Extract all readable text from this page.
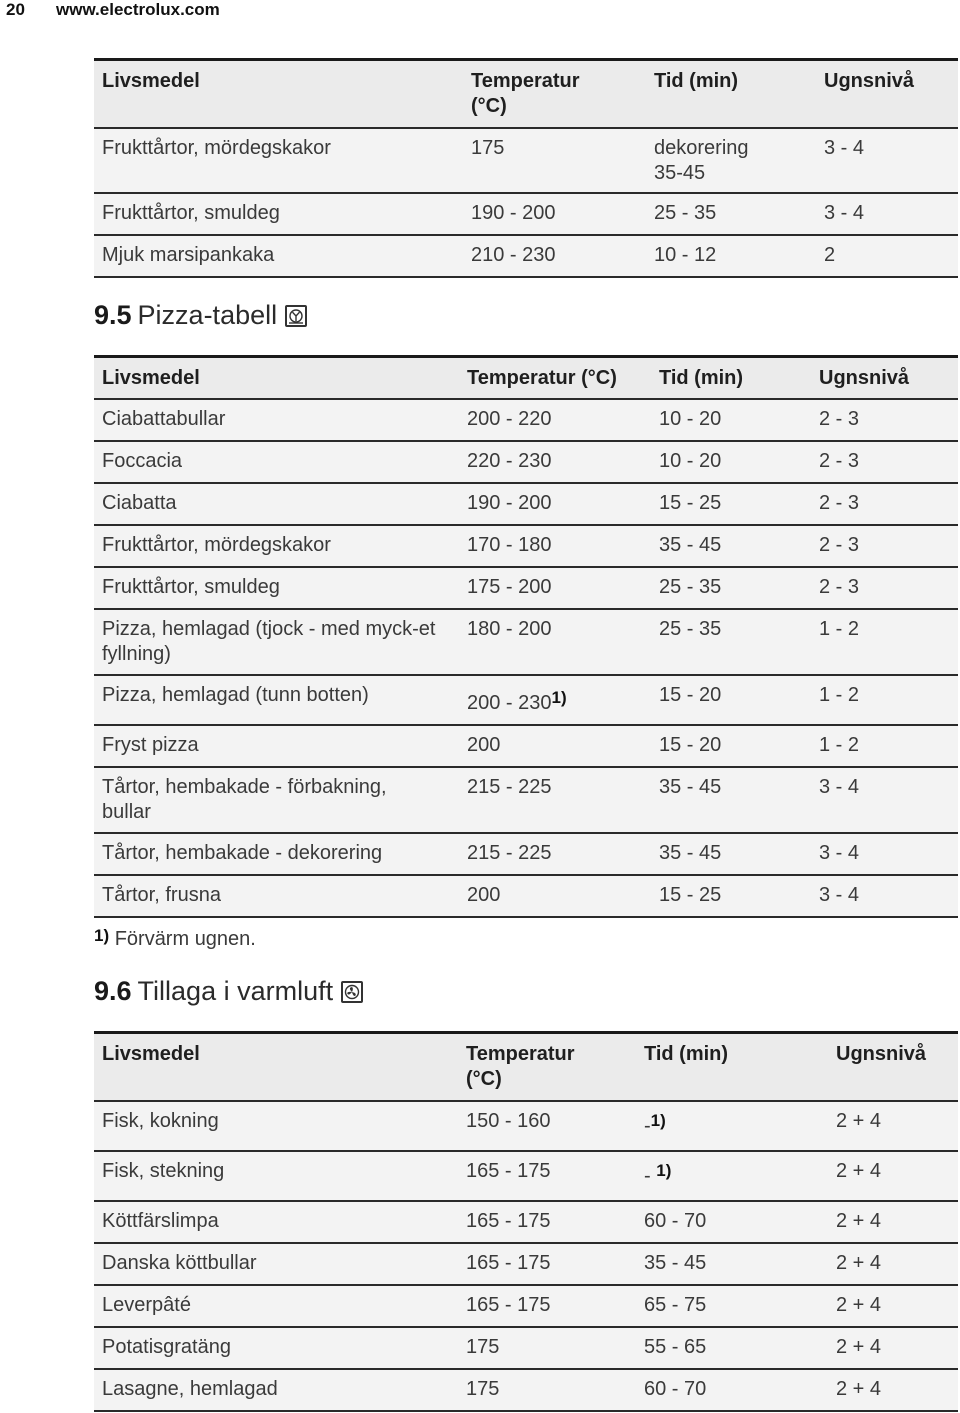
20 www.electrolux.com
Livsmedel	Temperatur (°C)	Tid (min)	Ugnsnivå
Frukttårtor, mördegskakor	175	dekorering 35-45	3 - 4
Frukttårtor, smuldeg	190 - 200	25 - 35	3 - 4
Mjuk marsipankaka	210 - 230	10 - 12	2
9.5 Pizza-tabell
Livsmedel	Temperatur (°C)	Tid (min)	Ugnsnivå
Ciabattabullar	200 - 220	10 - 20	2 - 3
Foccacia	220 - 230	10 - 20	2 - 3
Ciabatta	190 - 200	15 - 25	2 - 3
Frukttårtor, mördegskakor	170 - 180	35 - 45	2 - 3
Frukttårtor, smuldeg	175 - 200	25 - 35	2 - 3

Pizza, hemlagad (tjock - med myck-et fyllning)	180 - 200	25 - 35	1 - 2
Pizza, hemlagad (tunn botten)	200 - 230$^{1)}$	15 - 20	1 - 2
Fryst pizza	200	15 - 20	1 - 2

Tårtor, hembakade - förbakning, bullar	215 - 225	35 - 45	3 - 4
Tårtor, hembakade - dekorering	215 - 225	35 - 45	3 - 4
Tårtor, frusna	200	15 - 25	3 - 4
$^{1)}$ Förvärm ugnen.
9.6 Tillaga i varmluft
Livsmedel	Temperatur (°C)	Tid (min)	Ugnsnivå
Fisk, kokning	150 - 160	-$^{1)}$	2 + 4
Fisk, stekning	165 - 175	- $^{1)}$	2 + 4
Köttfärslimpa	165 - 175	60 - 70	2 + 4
Danska köttbullar	165 - 175	35 - 45	2 + 4
Leverpâté	165 - 175	65 - 75	2 + 4
Potatisgratäng	175	55 - 65	2 + 4
Lasagne, hemlagad	175	60 - 70	2 + 4
